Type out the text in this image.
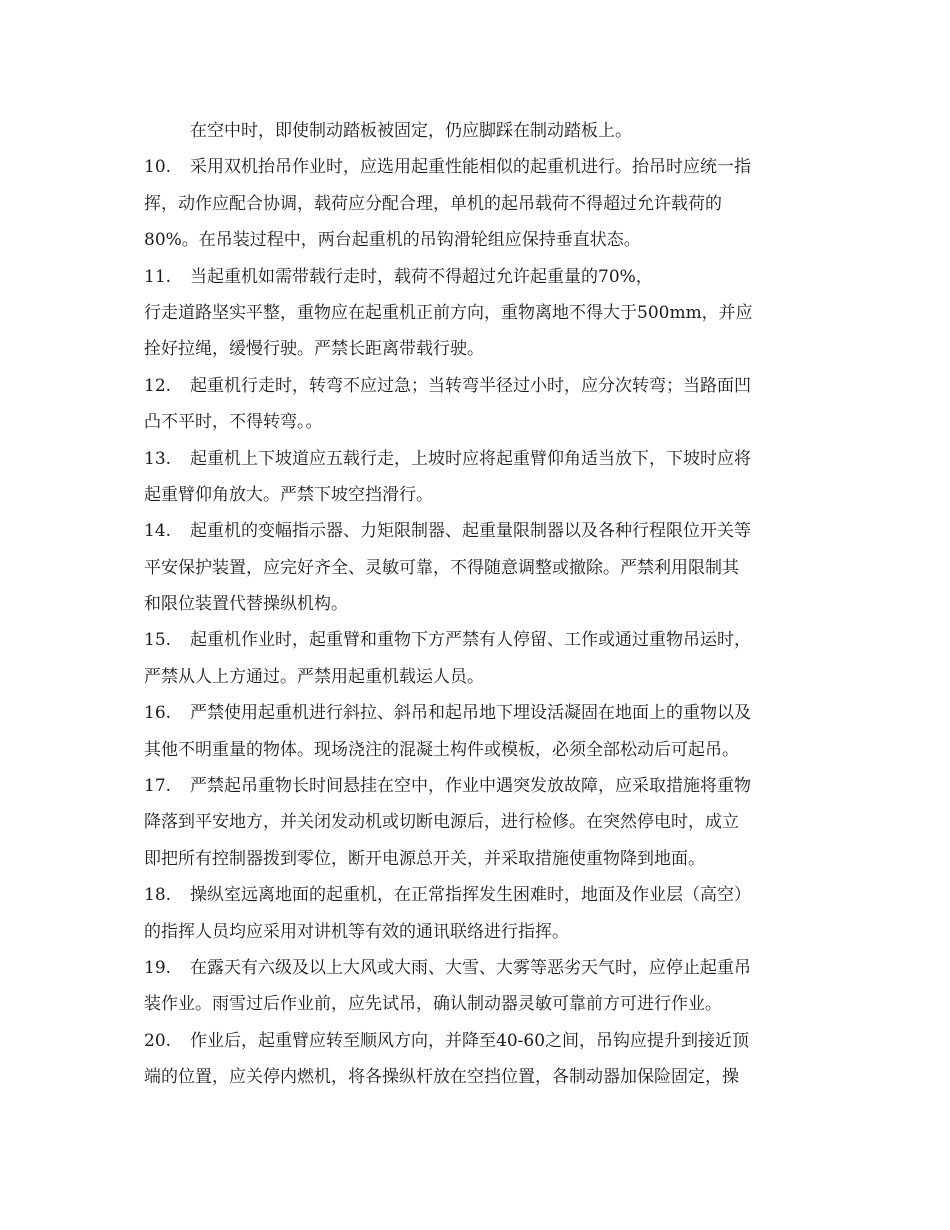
在空中时，即使制动踏板被固定，仍应脚踩在制动踏板上。
10. 采用双机抬吊作业时，应选用起重性能相似的起重机进行。抬吊时应统一指
挥，动作应配合协调，载荷应分配合理，单机的起吊载荷不得超过允许载荷的
80%。在吊装过程中，两台起重机的吊钩滑轮组应保持垂直状态。
11. 当起重机如需带载行走时，载荷不得超过允许起重量的70%，
行走道路坚实平整，重物应在起重机正前方向，重物离地不得大于500mm，并应
拴好拉绳，缓慢行驶。严禁长距离带载行驶。
12. 起重机行走时，转弯不应过急；当转弯半径过小时，应分次转弯；当路面凹
凸不平时，不得转弯。。
13. 起重机上下坡道应五载行走，上坡时应将起重臂仰角适当放下，下坡时应将
起重臂仰角放大。严禁下坡空挡滑行。
14. 起重机的变幅指示器、力矩限制器、起重量限制器以及各种行程限位开关等
平安保护装置，应完好齐全、灵敏可靠，不得随意调整或撤除。严禁利用限制其
和限位装置代替操纵机构。
15. 起重机作业时，起重臂和重物下方严禁有人停留、工作或通过重物吊运时，
严禁从人上方通过。严禁用起重机载运人员。
16. 严禁使用起重机进行斜拉、斜吊和起吊地下埋设活凝固在地面上的重物以及
其他不明重量的物体。现场浇注的混凝土构件或模板，必须全部松动后可起吊。
17. 严禁起吊重物长时间悬挂在空中，作业中遇突发放故障，应采取措施将重物
降落到平安地方，并关闭发动机或切断电源后，进行检修。在突然停电时，成立
即把所有控制器拨到零位，断开电源总开关，并采取措施使重物降到地面。
18. 操纵室远离地面的起重机，在正常指挥发生困难时，地面及作业层（高空）
的指挥人员均应采用对讲机等有效的通讯联络进行指挥。
19. 在露天有六级及以上大风或大雨、大雪、大雾等恶劣天气时，应停止起重吊
装作业。雨雪过后作业前，应先试吊，确认制动器灵敏可靠前方可进行作业。
20. 作业后，起重臂应转至顺风方向，并降至40-60之间，吊钩应提升到接近顶
端的位置，应关停内燃机，将各操纵杆放在空挡位置，各制动器加保险固定，操
